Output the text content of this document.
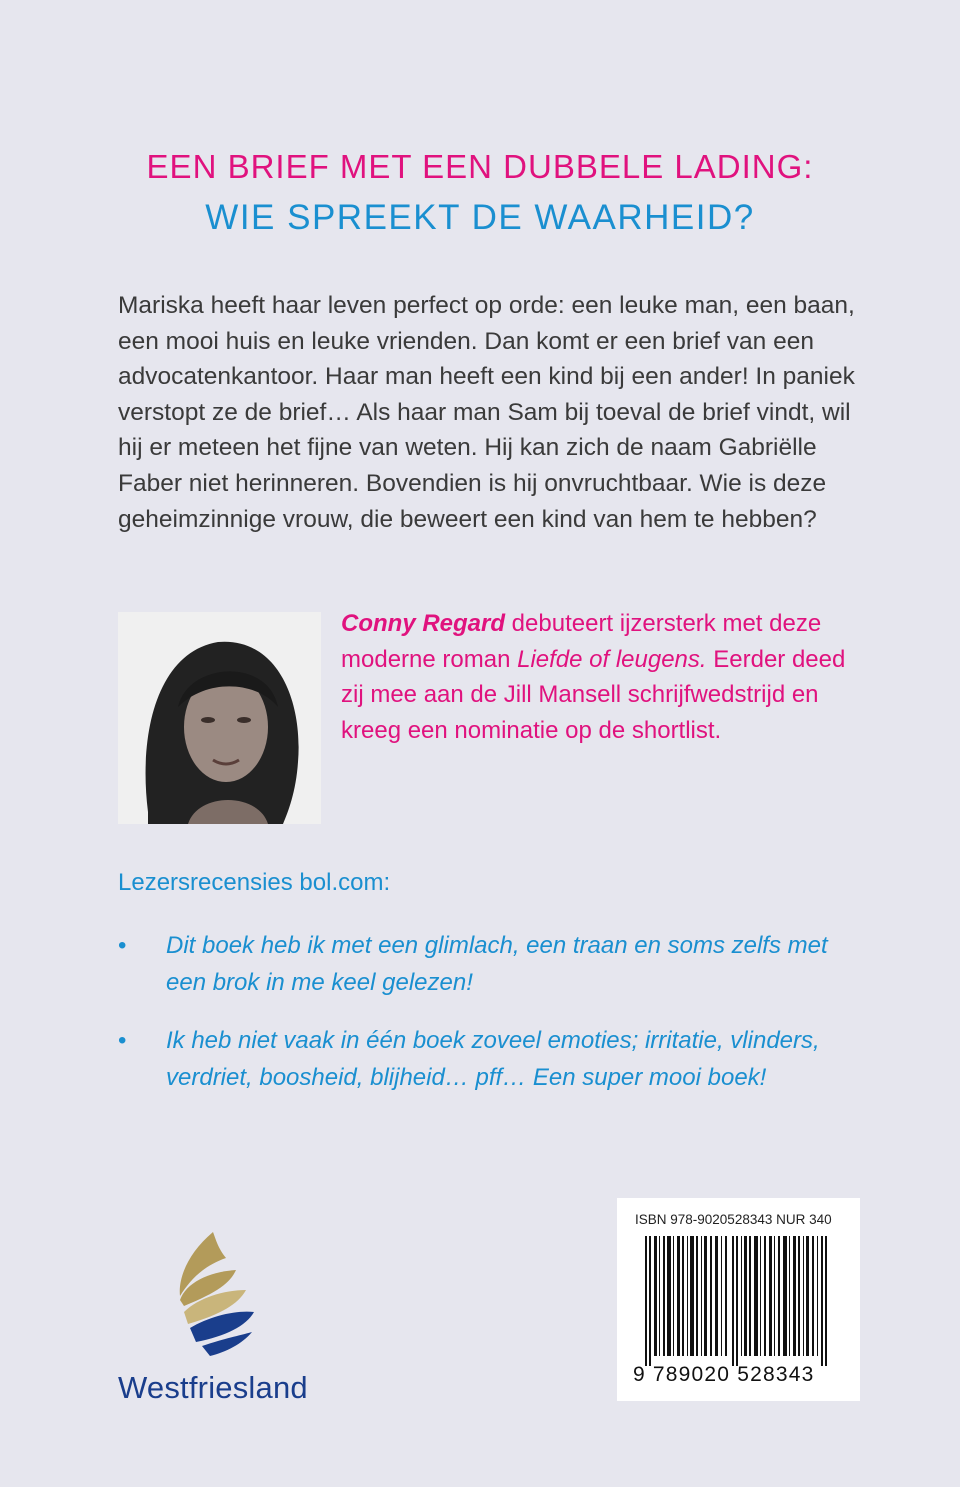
EEN BRIEF MET EEN DUBBELE LADING:
WIE SPREEKT DE WAARHEID?
Mariska heeft haar leven perfect op orde: een leuke man, een baan, een mooi huis en leuke vrienden. Dan komt er een brief van een advocatenkantoor. Haar man heeft een kind bij een ander! In paniek verstopt ze de brief… Als haar man Sam bij toeval de brief vindt, wil hij er meteen het fijne van weten. Hij kan zich de naam Gabriëlle Faber niet herinneren. Bovendien is hij onvruchtbaar. Wie is deze geheimzinnige vrouw, die beweert een kind van hem te hebben?
Conny Regard debuteert ijzersterk met deze moderne roman Liefde of leugens. Eerder deed zij mee aan de Jill Mansell schrijfwedstrijd en kreeg een nominatie op de shortlist.
Lezersrecensies bol.com:
•	Dit boek heb ik met een glimlach, een traan en soms zelfs met een brok in me keel gelezen!
•	Ik heb niet vaak in één boek zoveel emoties; irritatie, vlinders, verdriet, boosheid, blijheid… pff… Een super mooi boek!
Westfriesland
ISBN 978-9020528343 NUR 340
9 789020 528343
